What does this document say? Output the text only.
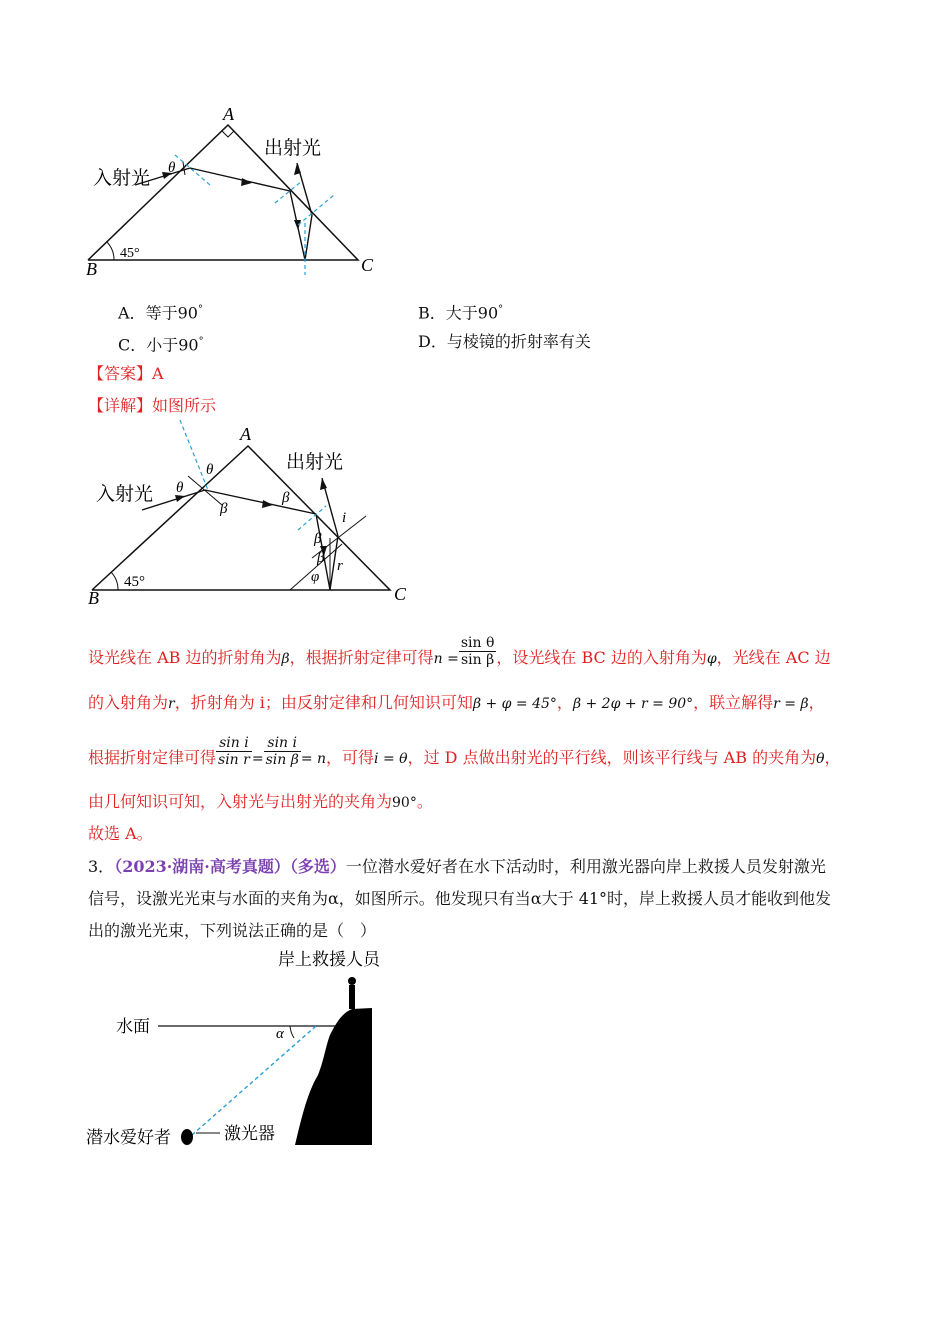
A
B	C
45°
θ
入射光
出射光
A．等于90°	B．大于90°
C．小于90°	D．与棱镜的折射率有关
【答案】A
【详解】如图所示
A
B	C
45°
θ
θ
β
β
β
β
φ
r
i
入射光
出射光
设光线在 AB 边的折射角为β，根据折射定律可得$n = \frac{\text{sin θ}}{\text{sin β}}$ ，设光线在 BC 边的入射角为φ，光线在 AC 边
的入射角为r，折射角为 i；由反射定律和几何知识可知β + φ = 45°，β + 2φ + r = 90°，联立解得r = β，
根据折射定律可得 $\frac{\text{sin i}}{\text{sin r}} = \frac{\text{sin i}}{\text{sin β}} = n$，可得i = θ，过 D 点做出射光的平行线，则该平行线与 AB 的夹角为θ，
由几何知识可知，入射光与出射光的夹角为90°。
故选 A。
3．（2023·湖南·高考真题）（多选）一位潜水爱好者在水下活动时，利用激光器向岸上救援人员发射激光
信号，设激光光束与水面的夹角为α，如图所示。他发现只有当α大于 41°时，岸上救援人员才能收到他发
出的激光光束，下列说法正确的是（　）
岸上救援人员
水面	α
潜水爱好者	激光器
